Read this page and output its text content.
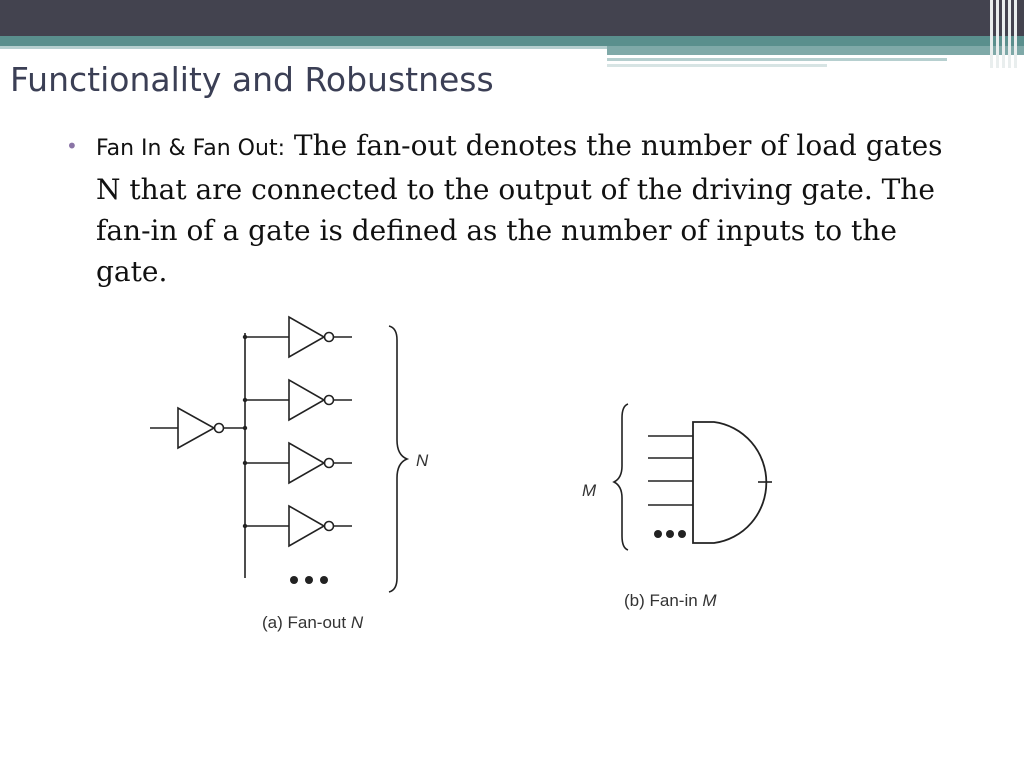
Functionality and Robustness
• Fan In & Fan Out: The fan-out denotes the number of load gates N that are connected to the output of the driving gate. The fan-in of a gate is defined as the number of inputs to the gate.

N
(a) Fan-out N
M
(b) Fan-in M
